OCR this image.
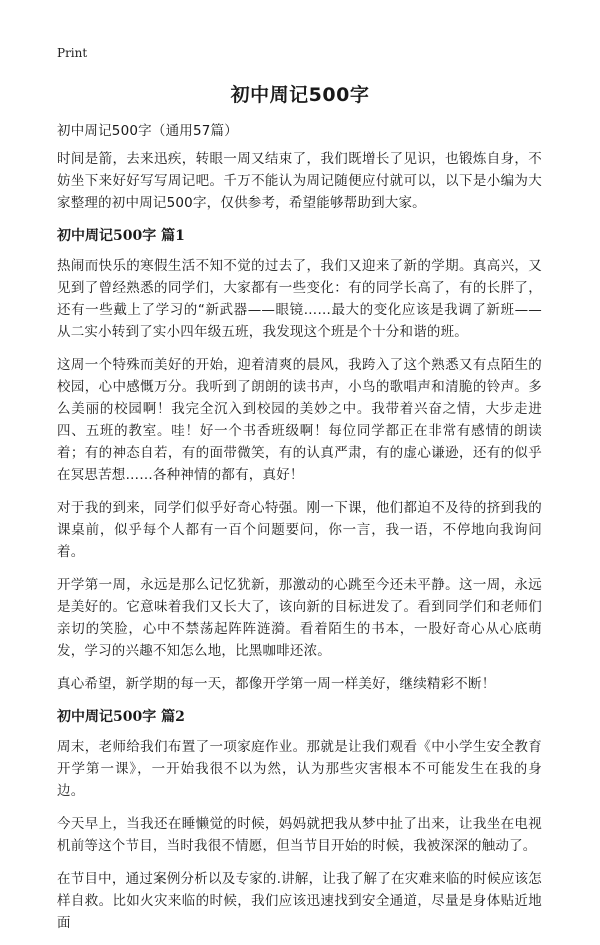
Print
初中周记500字

初中周记500字（通用57篇）

时间是箭，去来迅疾，转眼一周又结束了，我们既增长了见识，也锻炼自身，不妨坐下来好好写写周记吧。千万不能认为周记随便应付就可以，以下是小编为大家整理的初中周记500字，仅供参考，希望能够帮助到大家。

初中周记500字 篇1

热闹而快乐的寒假生活不知不觉的过去了，我们又迎来了新的学期。真高兴，又见到了曾经熟悉的同学们，大家都有一些变化：有的同学长高了，有的长胖了，还有一些戴上了学习的“新武器——眼镜……最大的变化应该是我调了新班——从二实小转到了实小四年级五班，我发现这个班是个十分和谐的班。

这周一个特殊而美好的开始，迎着清爽的晨风，我跨入了这个熟悉又有点陌生的校园，心中感慨万分。我听到了朗朗的读书声，小鸟的歌唱声和清脆的铃声。多么美丽的校园啊！我完全沉入到校园的美妙之中。我带着兴奋之情，大步走进四、五班的教室。哇！好一个书香班级啊！每位同学都正在非常有感情的朗读着；有的神态自若，有的面带微笑，有的认真严肃，有的虚心谦逊，还有的似乎在冥思苦想……各种神情的都有，真好！

对于我的到来，同学们似乎好奇心特强。刚一下课，他们都迫不及待的挤到我的课桌前，似乎每个人都有一百个问题要问，你一言，我一语，不停地向我询问着。

开学第一周，永远是那么记忆犹新，那激动的心跳至今还未平静。这一周，永远是美好的。它意味着我们又长大了，该向新的目标进发了。看到同学们和老师们亲切的笑脸，心中不禁荡起阵阵涟漪。看着陌生的书本，一股好奇心从心底萌发，学习的兴趣不知怎么地，比黑咖啡还浓。

真心希望，新学期的每一天，都像开学第一周一样美好，继续精彩不断！

初中周记500字 篇2

周末，老师给我们布置了一项家庭作业。那就是让我们观看《中小学生安全教育开学第一课》，一开始我很不以为然，认为那些灾害根本不可能发生在我的身边。

今天早上，当我还在睡懒觉的时候，妈妈就把我从梦中扯了出来，让我坐在电视机前等这个节目，当时我很不情愿，但当节目开始的时候，我被深深的触动了。

在节目中，通过案例分析以及专家的.讲解，让我了解了在灾难来临的时候应该怎样自救。比如火灾来临的时候，我们应该迅速找到安全通道，尽量是身体贴近地面
